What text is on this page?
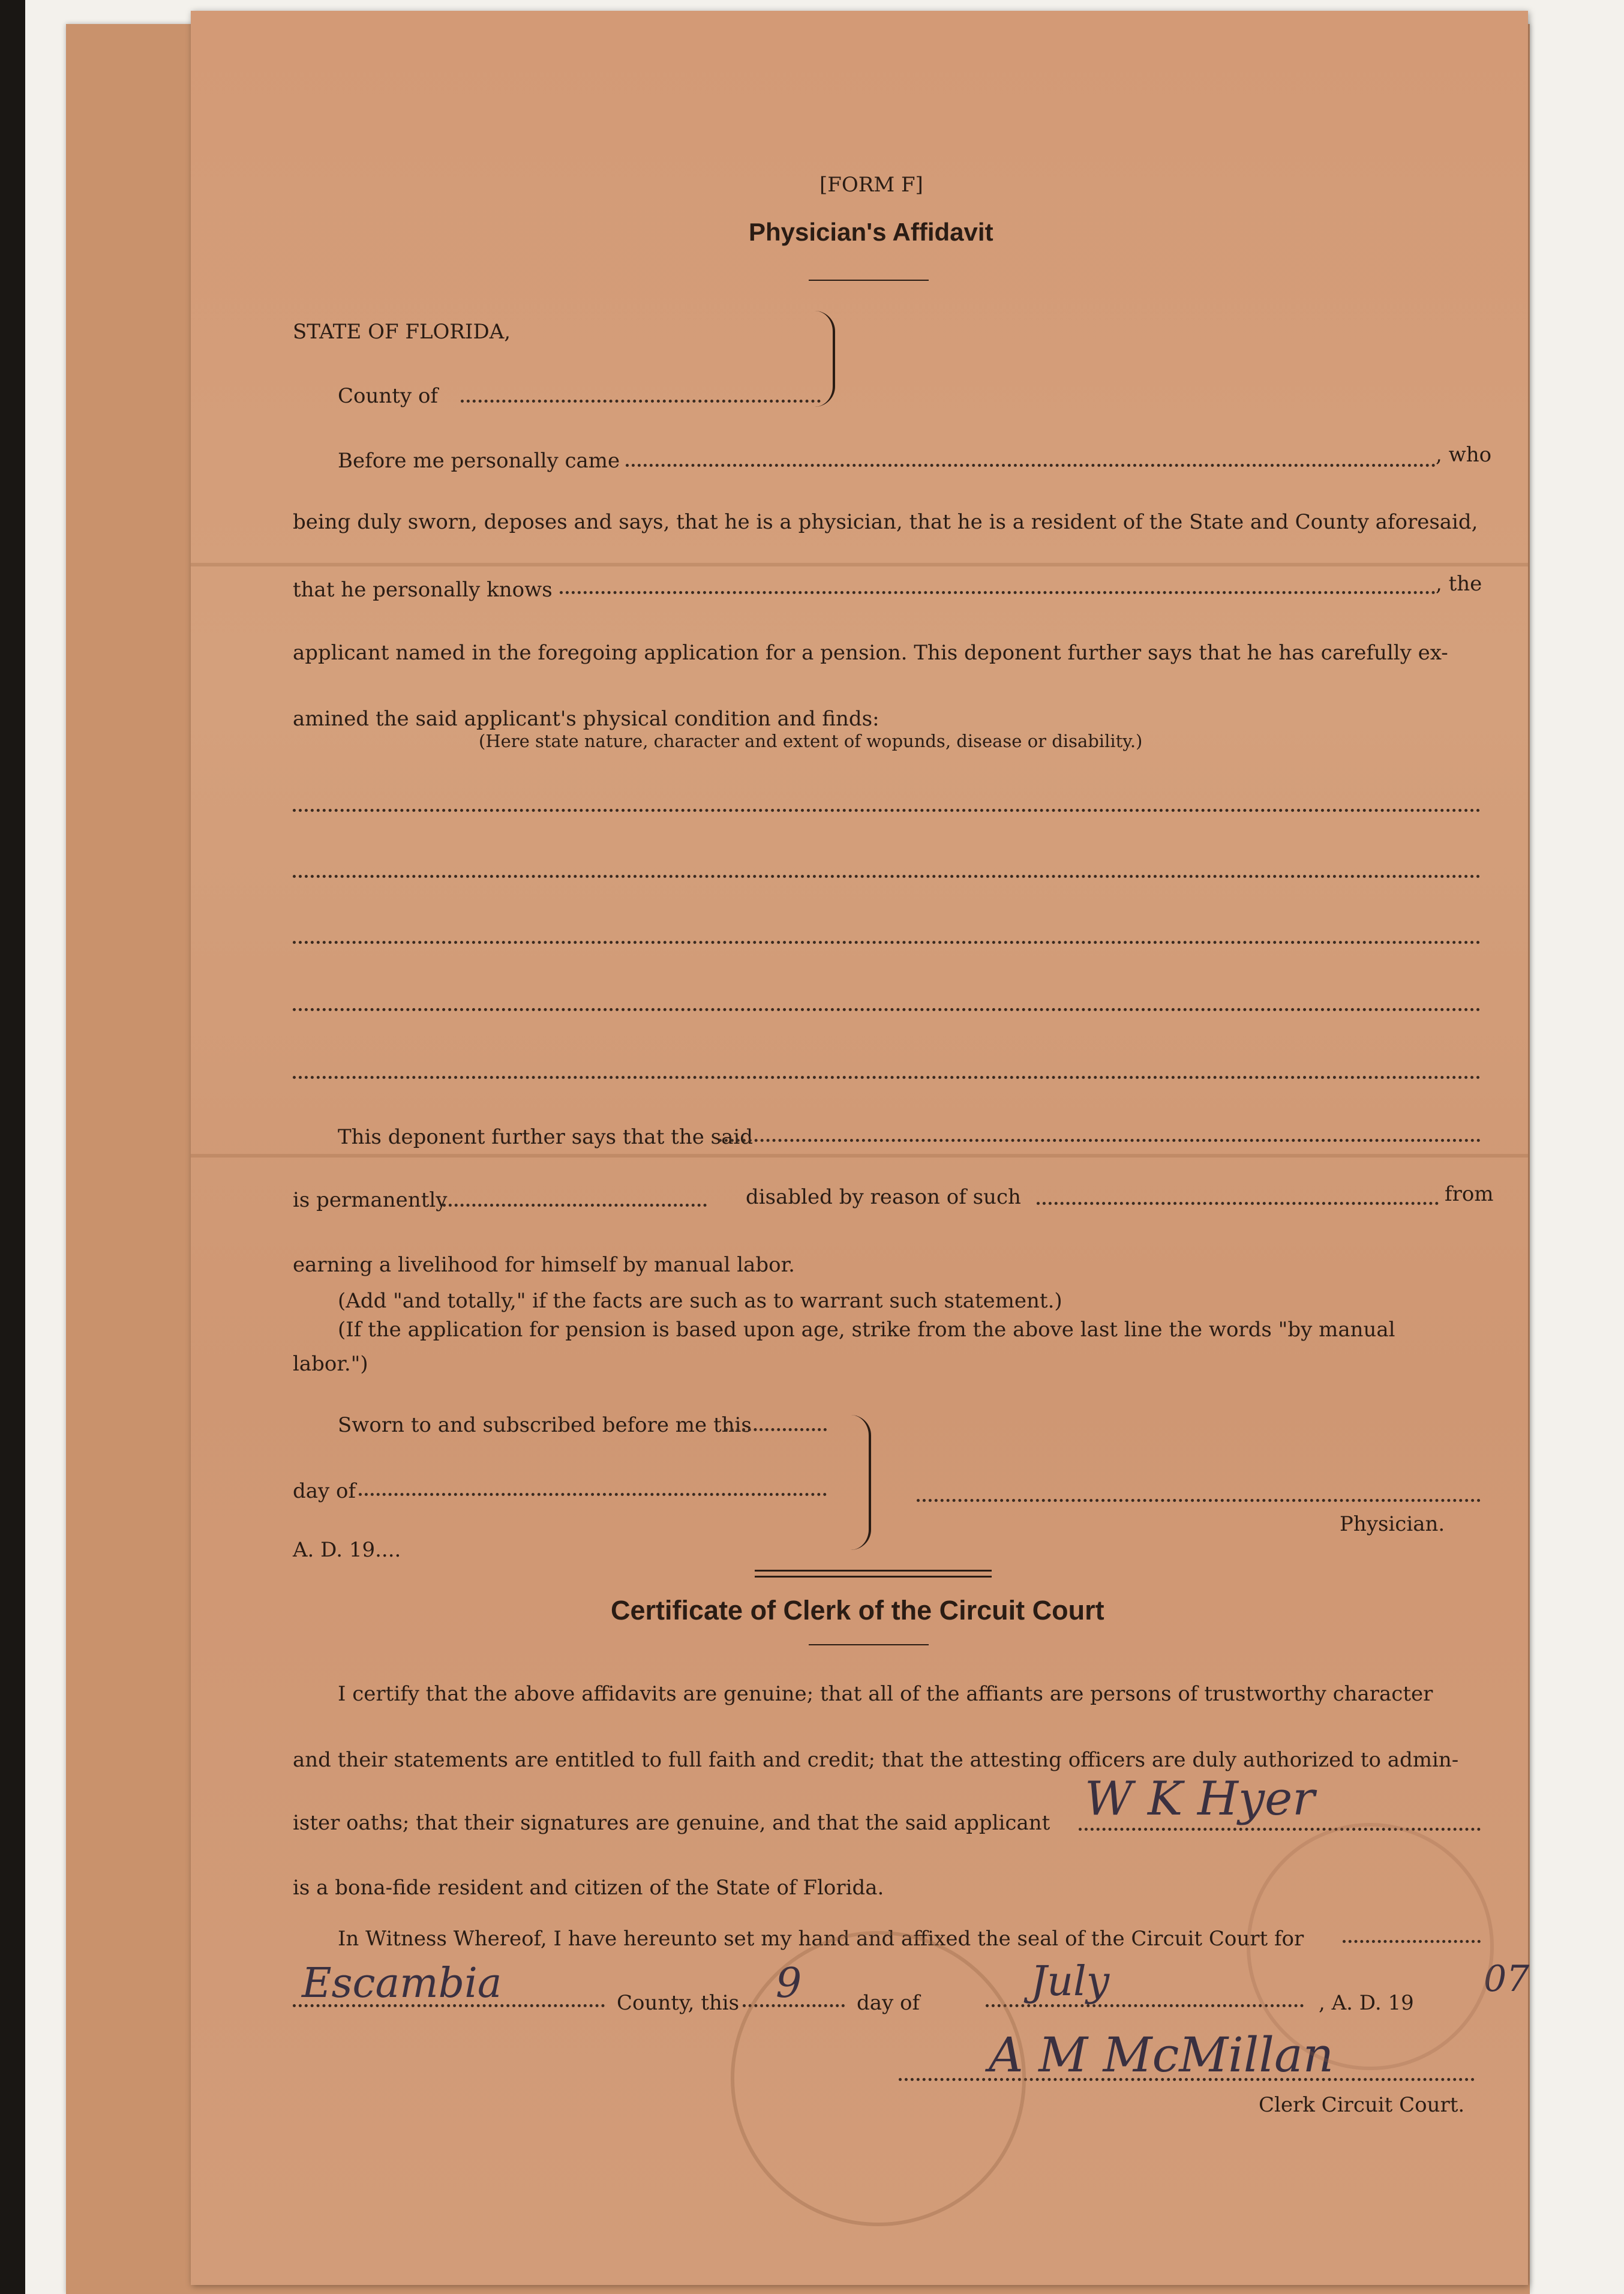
[FORM F]
Physician's Affidavit
STATE OF FLORIDA,
County of
Before me personally came	, who
being duly sworn, deposes and says, that he is a physician, that he is a resident of the State and County aforesaid,
that he personally knows	, the
applicant named in the foregoing application for a pension. This deponent further says that he has carefully ex-
amined the said applicant's physical condition and finds:
(Here state nature, character and extent of wopunds, disease or disability.)
This deponent further says that the said
is permanently	disabled by reason of such	from
earning a livelihood for himself by manual labor.
(Add "and totally," if the facts are such as to warrant such statement.)
(If the application for pension is based upon age, strike from the above last line the words "by manual
labor.")
Sworn to and subscribed before me this
day of
A. D. 19....
Physician.
Certificate of Clerk of the Circuit Court
I certify that the above affidavits are genuine; that all of the affiants are persons of trustworthy character
and their statements are entitled to full faith and credit; that the attesting officers are duly authorized to admin-
ister oaths; that their signatures are genuine, and that the said applicant W K Hyer
is a bona-fide resident and citizen of the State of Florida.
In Witness Whereof, I have hereunto set my hand and affixed the seal of the Circuit Court for
Escambia	County, this 9	day of	July	, A. D. 19
07
A M McMillan
Clerk Circuit Court.
